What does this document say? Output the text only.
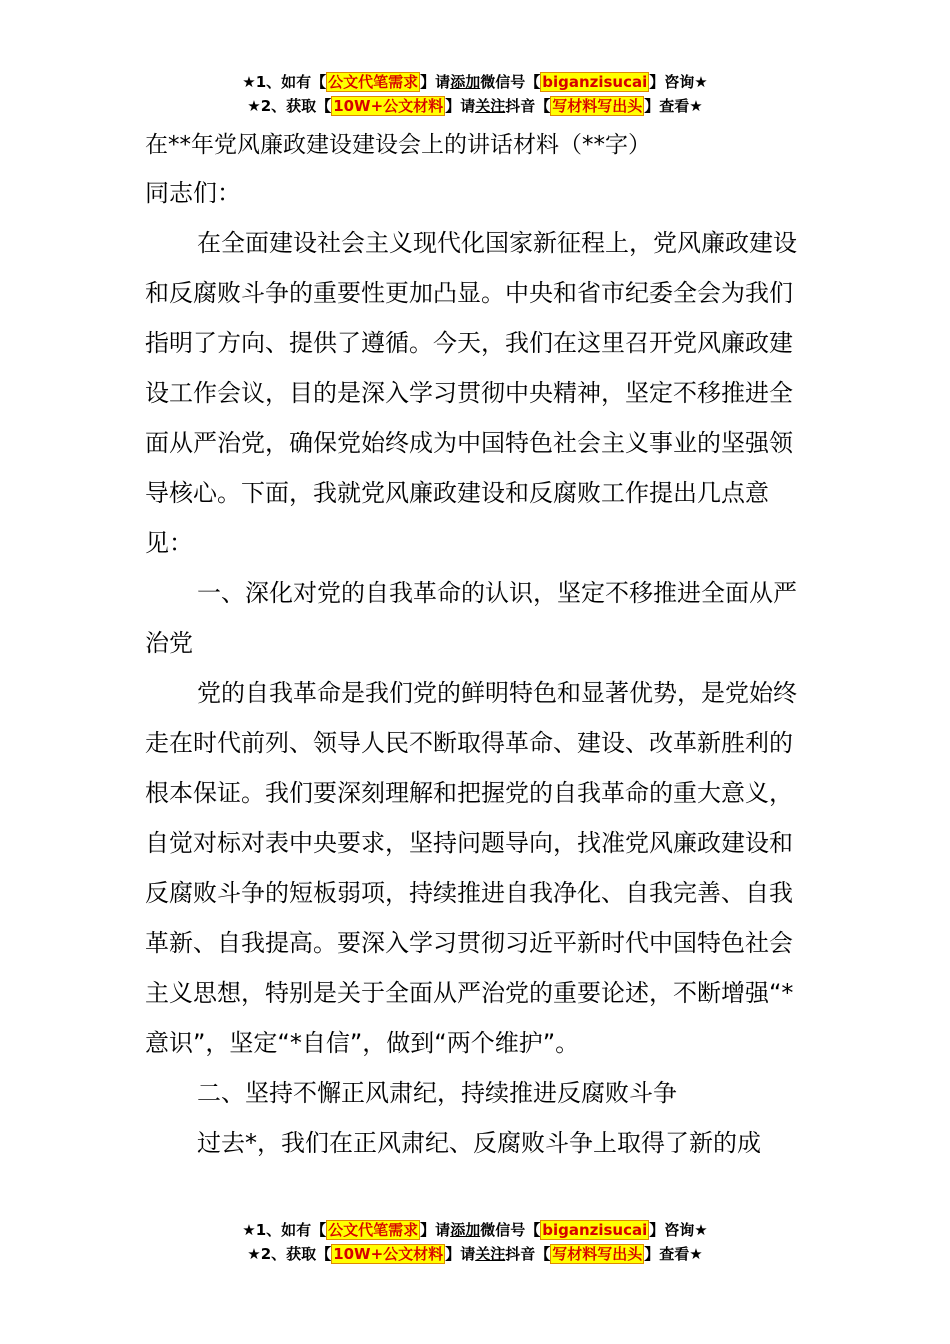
★1、如有【 公文代笔需求 】请添加微信号【 biganzisucai 】咨询★
★2、获取【 10W+公文材料 】请关注抖音【 写材料写出头 】查看★

在**年党风廉政建设建设会上的讲话材料（**字）

同志们：

在全面建设社会主义现代化国家新征程上，党风廉政建设和反腐败斗争的重要性更加凸显。中央和省市纪委全会为我们指明了方向、提供了遵循。今天，我们在这里召开党风廉政建设工作会议，目的是深入学习贯彻中央精神，坚定不移推进全面从严治党，确保党始终成为中国特色社会主义事业的坚强领导核心。下面，我就党风廉政建设和反腐败工作提出几点意见：

一、深化对党的自我革命的认识，坚定不移推进全面从严治党

党的自我革命是我们党的鲜明特色和显著优势，是党始终走在时代前列、领导人民不断取得革命、建设、改革新胜利的根本保证。我们要深刻理解和把握党的自我革命的重大意义，自觉对标对表中央要求，坚持问题导向，找准党风廉政建设和反腐败斗争的短板弱项，持续推进自我净化、自我完善、自我革新、自我提高。要深入学习贯彻习近平新时代中国特色社会主义思想，特别是关于全面从严治党的重要论述，不断增强“*意识”，坚定“*自信”，做到“两个维护”。

二、坚持不懈正风肃纪，持续推进反腐败斗争

过去*，我们在正风肃纪、反腐败斗争上取得了新的成

★1、如有【 公文代笔需求 】请添加微信号【 biganzisucai 】咨询★
★2、获取【 10W+公文材料 】请关注抖音【 写材料写出头 】查看★
